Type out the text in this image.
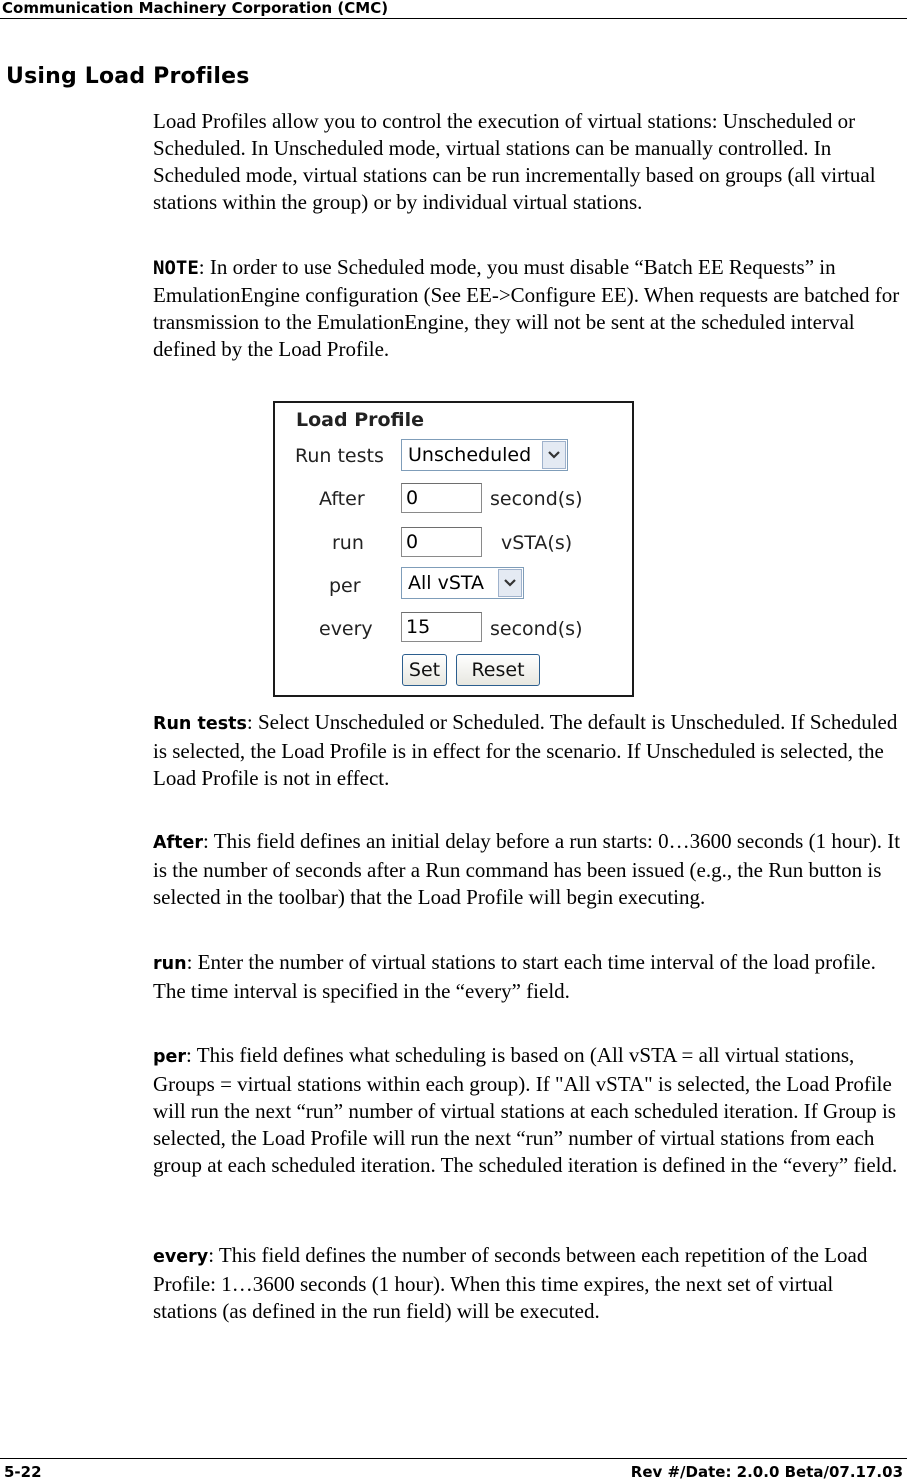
Communication Machinery Corporation (CMC)
Using Load Profiles

Load Profiles allow you to control the execution of virtual stations: Unscheduled or Scheduled. In Unscheduled mode, virtual stations can be manually controlled. In Scheduled mode, virtual stations can be run incrementally based on groups (all virtual stations within the group) or by individual virtual stations.

NOTE: In order to use Scheduled mode, you must disable “Batch EE Requests” in EmulationEngine configuration (See EE->Configure EE). When requests are batched for transmission to the EmulationEngine, they will not be sent at the scheduled interval defined by the Load Profile.

Load Profile
Run tests	Unscheduled
After 0	second(s)
run 0	vSTA(s)
per	All vSTA
every 15	second(s)
Set	Reset

Run tests: Select Unscheduled or Scheduled. The default is Unscheduled. If Scheduled is selected, the Load Profile is in effect for the scenario. If Unscheduled is selected, the Load Profile is not in effect.

After: This field defines an initial delay before a run starts: 0…3600 seconds (1 hour). It is the number of seconds after a Run command has been issued (e.g., the Run button is selected in the toolbar) that the Load Profile will begin executing.

run: Enter the number of virtual stations to start each time interval of the load profile. The time interval is specified in the “every” field.

per: This field defines what scheduling is based on (All vSTA = all virtual stations, Groups = virtual stations within each group). If "All vSTA" is selected, the Load Profile will run the next “run” number of virtual stations at each scheduled iteration. If Group is selected, the Load Profile will run the next “run” number of virtual stations from each group at each scheduled iteration. The scheduled iteration is defined in the “every” field.

every: This field defines the number of seconds between each repetition of the Load Profile: 1…3600 seconds (1 hour). When this time expires, the next set of virtual stations (as defined in the run field) will be executed.

5-22	Rev #/Date: 2.0.0 Beta/07.17.03
